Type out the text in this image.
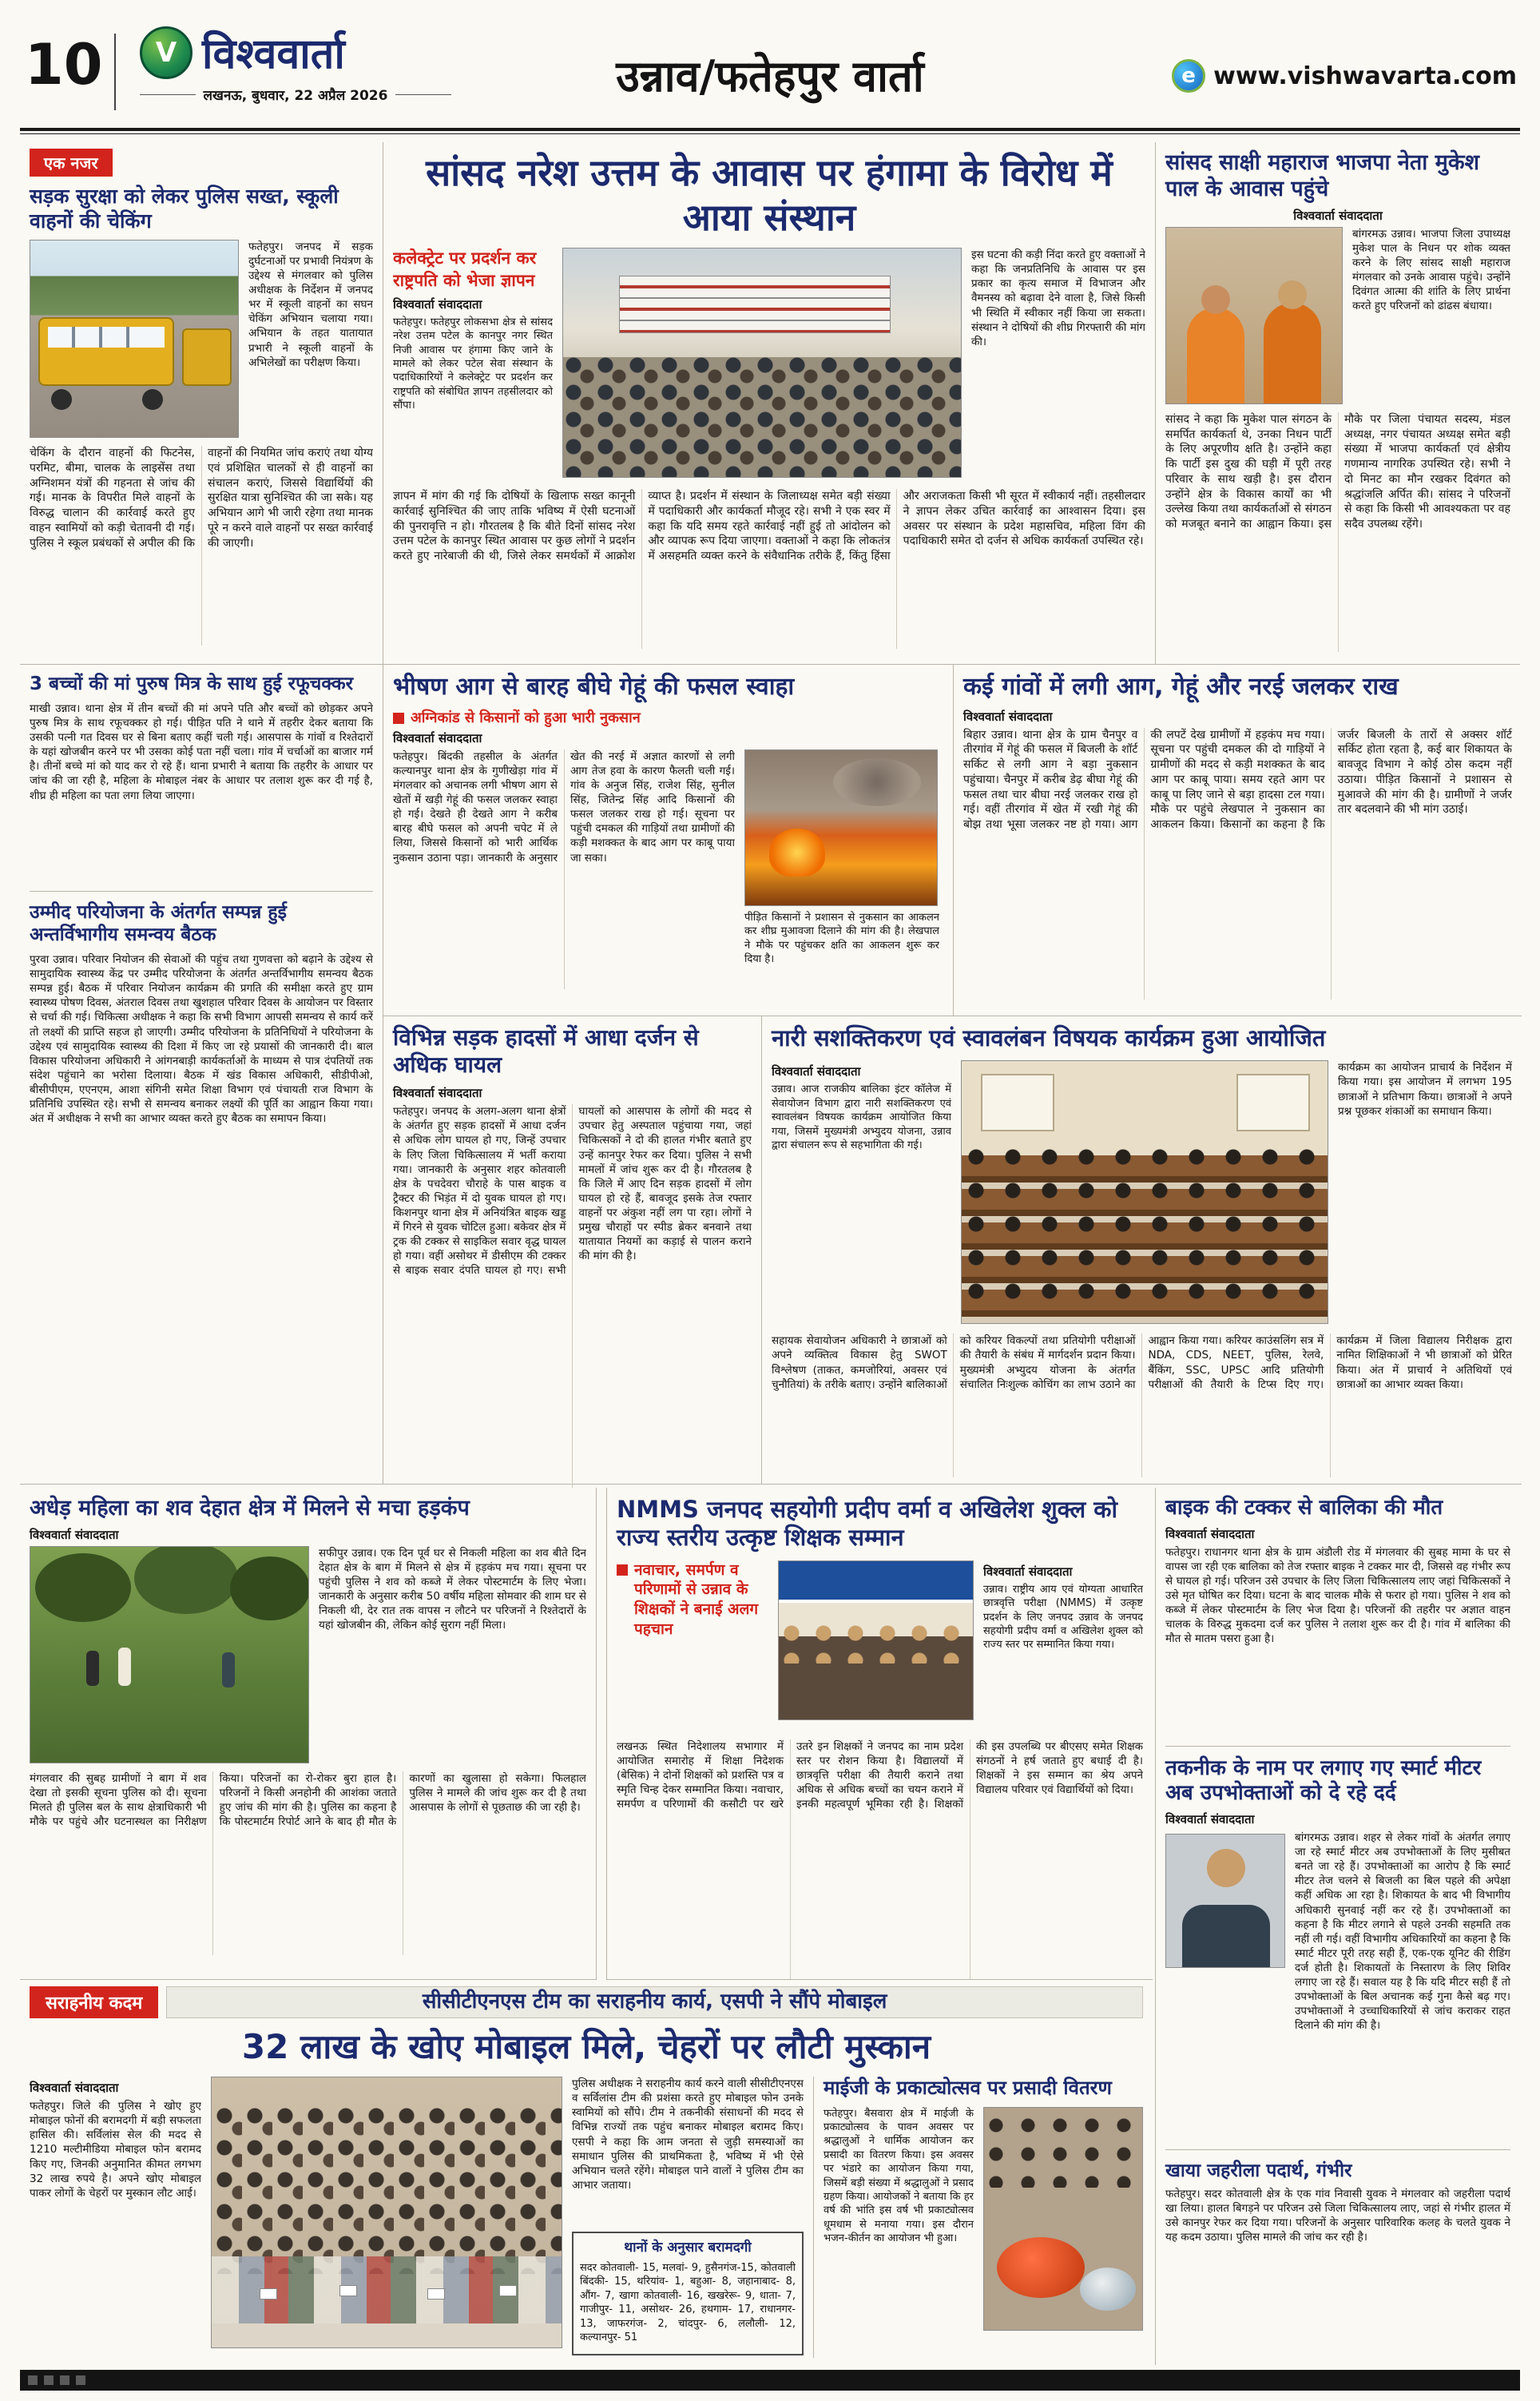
10	V विश्ववार्ता
लखनऊ, बुधवार, 22 अप्रैल 2026	उन्नाव/फतेहपुर वार्ता	e www.vishwavarta.com
एक नजर
सड़क सुरक्षा को लेकर पुलिस सख्त, स्कूली वाहनों की चेकिंग
फतेहपुर। जनपद में सड़क दुर्घटनाओं पर प्रभावी नियंत्रण के उद्देश्य से मंगलवार को पुलिस अधीक्षक के निर्देशन में जनपद भर में स्कूली वाहनों का सघन चेकिंग अभियान चलाया गया। अभियान के तहत यातायात प्रभारी ने स्कूली वाहनों के अभिलेखों का परीक्षण किया।
चेकिंग के दौरान वाहनों की फिटनेस, परमिट, बीमा, चालक के लाइसेंस तथा अग्निशमन यंत्रों की गहनता से जांच की गई। मानक के विपरीत मिले वाहनों के विरुद्ध चालान की कार्रवाई करते हुए वाहन स्वामियों को कड़ी चेतावनी दी गई। पुलिस ने स्कूल प्रबंधकों से अपील की कि वाहनों की नियमित जांच कराएं तथा योग्य एवं प्रशिक्षित चालकों से ही वाहनों का संचालन कराएं, जिससे विद्यार्थियों की सुरक्षित यात्रा सुनिश्चित की जा सके। यह अभियान आगे भी जारी रहेगा तथा मानक पूरे न करने वाले वाहनों पर सख्त कार्रवाई की जाएगी।
सांसद नरेश उत्तम के आवास पर हंगामा के विरोध में आया संस्थान
कलेक्ट्रेट पर प्रदर्शन कर राष्ट्रपति को भेजा ज्ञापन
विश्ववार्ता संवाददाता
फतेहपुर। फतेहपुर लोकसभा क्षेत्र से सांसद नरेश उत्तम पटेल के कानपुर नगर स्थित निजी आवास पर हंगामा किए जाने के मामले को लेकर पटेल सेवा संस्थान के पदाधिकारियों ने कलेक्ट्रेट पर प्रदर्शन कर राष्ट्रपति को संबोधित ज्ञापन तहसीलदार को सौंपा।
इस घटना की कड़ी निंदा करते हुए वक्ताओं ने कहा कि जनप्रतिनिधि के आवास पर इस प्रकार का कृत्य समाज में विभाजन और वैमनस्य को बढ़ावा देने वाला है, जिसे किसी भी स्थिति में स्वीकार नहीं किया जा सकता। संस्थान ने दोषियों की शीघ्र गिरफ्तारी की मांग की।
ज्ञापन में मांग की गई कि दोषियों के खिलाफ सख्त कानूनी कार्रवाई सुनिश्चित की जाए ताकि भविष्य में ऐसी घटनाओं की पुनरावृत्ति न हो। गौरतलब है कि बीते दिनों सांसद नरेश उत्तम पटेल के कानपुर स्थित आवास पर कुछ लोगों ने प्रदर्शन करते हुए नारेबाजी की थी, जिसे लेकर समर्थकों में आक्रोश व्याप्त है। प्रदर्शन में संस्थान के जिलाध्यक्ष समेत बड़ी संख्या में पदाधिकारी और कार्यकर्ता मौजूद रहे। सभी ने एक स्वर में कहा कि यदि समय रहते कार्रवाई नहीं हुई तो आंदोलन को और व्यापक रूप दिया जाएगा। वक्ताओं ने कहा कि लोकतंत्र में असहमति व्यक्त करने के संवैधानिक तरीके हैं, किंतु हिंसा और अराजकता किसी भी सूरत में स्वीकार्य नहीं। तहसीलदार ने ज्ञापन लेकर उचित कार्रवाई का आश्वासन दिया। इस अवसर पर संस्थान के प्रदेश महासचिव, महिला विंग की पदाधिकारी समेत दो दर्जन से अधिक कार्यकर्ता उपस्थित रहे।
सांसद साक्षी महाराज भाजपा नेता मुकेश पाल के आवास पहुंचे
विश्ववार्ता संवाददाता
बांगरमऊ उन्नाव। भाजपा जिला उपाध्यक्ष मुकेश पाल के निधन पर शोक व्यक्त करने के लिए सांसद साक्षी महाराज मंगलवार को उनके आवास पहुंचे। उन्होंने दिवंगत आत्मा की शांति के लिए प्रार्थना करते हुए परिजनों को ढांढस बंधाया।
सांसद ने कहा कि मुकेश पाल संगठन के समर्पित कार्यकर्ता थे, उनका निधन पार्टी के लिए अपूरणीय क्षति है। उन्होंने कहा कि पार्टी इस दुख की घड़ी में पूरी तरह परिवार के साथ खड़ी है। इस दौरान उन्होंने क्षेत्र के विकास कार्यों का भी उल्लेख किया तथा कार्यकर्ताओं से संगठन को मजबूत बनाने का आह्वान किया। इस मौके पर जिला पंचायत सदस्य, मंडल अध्यक्ष, नगर पंचायत अध्यक्ष समेत बड़ी संख्या में भाजपा कार्यकर्ता एवं क्षेत्रीय गणमान्य नागरिक उपस्थित रहे। सभी ने दो मिनट का मौन रखकर दिवंगत को श्रद्धांजलि अर्पित की। सांसद ने परिजनों से कहा कि किसी भी आवश्यकता पर वह सदैव उपलब्ध रहेंगे।
3 बच्चों की मां पुरुष मित्र के साथ हुई रफूचक्कर
माखी उन्नाव। थाना क्षेत्र में तीन बच्चों की मां अपने पति और बच्चों को छोड़कर अपने पुरुष मित्र के साथ रफूचक्कर हो गई। पीड़ित पति ने थाने में तहरीर देकर बताया कि उसकी पत्नी गत दिवस घर से बिना बताए कहीं चली गई। आसपास के गांवों व रिश्तेदारों के यहां खोजबीन करने पर भी उसका कोई पता नहीं चला। गांव में चर्चाओं का बाजार गर्म है। तीनों बच्चे मां को याद कर रो रहे हैं। थाना प्रभारी ने बताया कि तहरीर के आधार पर जांच की जा रही है, महिला के मोबाइल नंबर के आधार पर तलाश शुरू कर दी गई है, शीघ्र ही महिला का पता लगा लिया जाएगा।
उम्मीद परियोजना के अंतर्गत सम्पन्न हुई अन्तर्विभागीय समन्वय बैठक
पुरवा उन्नाव। परिवार नियोजन की सेवाओं की पहुंच तथा गुणवत्ता को बढ़ाने के उद्देश्य से सामुदायिक स्वास्थ्य केंद्र पर उम्मीद परियोजना के अंतर्गत अन्तर्विभागीय समन्वय बैठक सम्पन्न हुई। बैठक में परिवार नियोजन कार्यक्रम की प्रगति की समीक्षा करते हुए ग्राम स्वास्थ्य पोषण दिवस, अंतराल दिवस तथा खुशहाल परिवार दिवस के आयोजन पर विस्तार से चर्चा की गई। चिकित्सा अधीक्षक ने कहा कि सभी विभाग आपसी समन्वय से कार्य करें तो लक्ष्यों की प्राप्ति सहज हो जाएगी। उम्मीद परियोजना के प्रतिनिधियों ने परियोजना के उद्देश्य एवं सामुदायिक स्वास्थ्य की दिशा में किए जा रहे प्रयासों की जानकारी दी। बाल विकास परियोजना अधिकारी ने आंगनबाड़ी कार्यकर्ताओं के माध्यम से पात्र दंपतियों तक संदेश पहुंचाने का भरोसा दिलाया। बैठक में खंड विकास अधिकारी, सीडीपीओ, बीसीपीएम, एएनएम, आशा संगिनी समेत शिक्षा विभाग एवं पंचायती राज विभाग के प्रतिनिधि उपस्थित रहे। सभी से समन्वय बनाकर लक्ष्यों की पूर्ति का आह्वान किया गया। अंत में अधीक्षक ने सभी का आभार व्यक्त करते हुए बैठक का समापन किया।
भीषण आग से बारह बीघे गेहूं की फसल स्वाहा
अग्निकांड से किसानों को हुआ भारी नुकसान
विश्ववार्ता संवाददाता
फतेहपुर। बिंदकी तहसील के अंतर्गत कल्यानपुर थाना क्षेत्र के गुणीखेड़ा गांव में मंगलवार को अचानक लगी भीषण आग से खेतों में खड़ी गेहूं की फसल जलकर स्वाहा हो गई। देखते ही देखते आग ने करीब बारह बीघे फसल को अपनी चपेट में ले लिया, जिससे किसानों को भारी आर्थिक नुकसान उठाना पड़ा। जानकारी के अनुसार खेत की नरई में अज्ञात कारणों से लगी आग तेज हवा के कारण फैलती चली गई। गांव के अनुज सिंह, राजेश सिंह, सुनील सिंह, जितेन्द्र सिंह आदि किसानों की फसल जलकर राख हो गई। सूचना पर पहुंची दमकल की गाड़ियों तथा ग्रामीणों की कड़ी मशक्कत के बाद आग पर काबू पाया जा सका।
पीड़ित किसानों ने प्रशासन से नुकसान का आकलन कर शीघ्र मुआवजा दिलाने की मांग की है। लेखपाल ने मौके पर पहुंचकर क्षति का आकलन शुरू कर दिया है।
कई गांवों में लगी आग, गेहूं और नरई जलकर राख
विश्ववार्ता संवाददाता
बिहार उन्नाव। थाना क्षेत्र के ग्राम चैनपुर व तीरगांव में गेहूं की फसल में बिजली के शॉर्ट सर्किट से लगी आग ने बड़ा नुकसान पहुंचाया। चैनपुर में करीब डेढ़ बीघा गेहूं की फसल तथा चार बीघा नरई जलकर राख हो गई। वहीं तीरगांव में खेत में रखी गेहूं की बोझ तथा भूसा जलकर नष्ट हो गया। आग की लपटें देख ग्रामीणों में हड़कंप मच गया। सूचना पर पहुंची दमकल की दो गाड़ियों ने ग्रामीणों की मदद से कड़ी मशक्कत के बाद आग पर काबू पाया। समय रहते आग पर काबू पा लिए जाने से बड़ा हादसा टल गया। मौके पर पहुंचे लेखपाल ने नुकसान का आकलन किया। किसानों का कहना है कि जर्जर बिजली के तारों से अक्सर शॉर्ट सर्किट होता रहता है, कई बार शिकायत के बावजूद विभाग ने कोई ठोस कदम नहीं उठाया। पीड़ित किसानों ने प्रशासन से मुआवजे की मांग की है। ग्रामीणों ने जर्जर तार बदलवाने की भी मांग उठाई।
विभिन्न सड़क हादसों में आधा दर्जन से अधिक घायल
विश्ववार्ता संवाददाता
फतेहपुर। जनपद के अलग-अलग थाना क्षेत्रों के अंतर्गत हुए सड़क हादसों में आधा दर्जन से अधिक लोग घायल हो गए, जिन्हें उपचार के लिए जिला चिकित्सालय में भर्ती कराया गया। जानकारी के अनुसार शहर कोतवाली क्षेत्र के पचदेवरा चौराहे के पास बाइक व ट्रैक्टर की भिड़ंत में दो युवक घायल हो गए। किशनपुर थाना क्षेत्र में अनियंत्रित बाइक खड्ड में गिरने से युवक चोटिल हुआ। बकेवर क्षेत्र में ट्रक की टक्कर से साइकिल सवार वृद्ध घायल हो गया। वहीं असोथर में डीसीएम की टक्कर से बाइक सवार दंपति घायल हो गए। सभी घायलों को आसपास के लोगों की मदद से उपचार हेतु अस्पताल पहुंचाया गया, जहां चिकित्सकों ने दो की हालत गंभीर बताते हुए उन्हें कानपुर रेफर कर दिया। पुलिस ने सभी मामलों में जांच शुरू कर दी है। गौरतलब है कि जिले में आए दिन सड़क हादसों में लोग घायल हो रहे हैं, बावजूद इसके तेज रफ्तार वाहनों पर अंकुश नहीं लग पा रहा। लोगों ने प्रमुख चौराहों पर स्पीड ब्रेकर बनवाने तथा यातायात नियमों का कड़ाई से पालन कराने की मांग की है।
नारी सशक्तिकरण एवं स्वावलंबन विषयक कार्यक्रम हुआ आयोजित
विश्ववार्ता संवाददाता
उन्नाव। आज राजकीय बालिका इंटर कॉलेज में सेवायोजन विभाग द्वारा नारी सशक्तिकरण एवं स्वावलंबन विषयक कार्यक्रम आयोजित किया गया, जिसमें मुख्यमंत्री अभ्युदय योजना, उन्नाव द्वारा संचालन रूप से सहभागिता की गई।
कार्यक्रम का आयोजन प्राचार्य के निर्देशन में किया गया। इस आयोजन में लगभग 195 छात्राओं ने प्रतिभाग किया। छात्राओं ने अपने प्रश्न पूछकर शंकाओं का समाधान किया।
सहायक सेवायोजन अधिकारी ने छात्राओं को अपने व्यक्तित्व विकास हेतु SWOT विश्लेषण (ताकत, कमजोरियां, अवसर एवं चुनौतियां) के तरीके बताए। उन्होंने बालिकाओं को करियर विकल्पों तथा प्रतियोगी परीक्षाओं की तैयारी के संबंध में मार्गदर्शन प्रदान किया। मुख्यमंत्री अभ्युदय योजना के अंतर्गत संचालित निःशुल्क कोचिंग का लाभ उठाने का आह्वान किया गया। करियर काउंसलिंग सत्र में NDA, CDS, NEET, पुलिस, रेलवे, बैंकिंग, SSC, UPSC आदि प्रतियोगी परीक्षाओं की तैयारी के टिप्स दिए गए। कार्यक्रम में जिला विद्यालय निरीक्षक द्वारा नामित शिक्षिकाओं ने भी छात्राओं को प्रेरित किया। अंत में प्राचार्य ने अतिथियों एवं छात्राओं का आभार व्यक्त किया।
अधेड़ महिला का शव देहात क्षेत्र में मिलने से मचा हड़कंप
विश्ववार्ता संवाददाता
सफीपुर उन्नाव। एक दिन पूर्व घर से निकली महिला का शव बीते दिन देहात क्षेत्र के बाग में मिलने से क्षेत्र में हड़कंप मच गया। सूचना पर पहुंची पुलिस ने शव को कब्जे में लेकर पोस्टमार्टम के लिए भेजा। जानकारी के अनुसार करीब 50 वर्षीय महिला सोमवार की शाम घर से निकली थी, देर रात तक वापस न लौटने पर परिजनों ने रिश्तेदारों के यहां खोजबीन की, लेकिन कोई सुराग नहीं मिला।
मंगलवार की सुबह ग्रामीणों ने बाग में शव देखा तो इसकी सूचना पुलिस को दी। सूचना मिलते ही पुलिस बल के साथ क्षेत्राधिकारी भी मौके पर पहुंचे और घटनास्थल का निरीक्षण किया। परिजनों का रो-रोकर बुरा हाल है। परिजनों ने किसी अनहोनी की आशंका जताते हुए जांच की मांग की है। पुलिस का कहना है कि पोस्टमार्टम रिपोर्ट आने के बाद ही मौत के कारणों का खुलासा हो सकेगा। फिलहाल पुलिस ने मामले की जांच शुरू कर दी है तथा आसपास के लोगों से पूछताछ की जा रही है।
NMMS जनपद सहयोगी प्रदीप वर्मा व अखिलेश शुक्ल को राज्य स्तरीय उत्कृष्ट शिक्षक सम्मान
नवाचार, समर्पण व परिणामों से उन्नाव के शिक्षकों ने बनाई अलग पहचान
विश्ववार्ता संवाददाता
उन्नाव। राष्ट्रीय आय एवं योग्यता आधारित छात्रवृत्ति परीक्षा (NMMS) में उत्कृष्ट प्रदर्शन के लिए जनपद उन्नाव के जनपद सहयोगी प्रदीप वर्मा व अखिलेश शुक्ल को राज्य स्तर पर सम्मानित किया गया।
लखनऊ स्थित निदेशालय सभागार में आयोजित समारोह में शिक्षा निदेशक (बेसिक) ने दोनों शिक्षकों को प्रशस्ति पत्र व स्मृति चिन्ह देकर सम्मानित किया। नवाचार, समर्पण व परिणामों की कसौटी पर खरे उतरे इन शिक्षकों ने जनपद का नाम प्रदेश स्तर पर रोशन किया है। विद्यालयों में छात्रवृत्ति परीक्षा की तैयारी कराने तथा अधिक से अधिक बच्चों का चयन कराने में इनकी महत्वपूर्ण भूमिका रही है। शिक्षकों की इस उपलब्धि पर बीएसए समेत शिक्षक संगठनों ने हर्ष जताते हुए बधाई दी है। शिक्षकों ने इस सम्मान का श्रेय अपने विद्यालय परिवार एवं विद्यार्थियों को दिया।
बाइक की टक्कर से बालिका की मौत
विश्ववार्ता संवाददाता
फतेहपुर। राधानगर थाना क्षेत्र के ग्राम अंडौली रोड में मंगलवार की सुबह मामा के घर से वापस जा रही एक बालिका को तेज रफ्तार बाइक ने टक्कर मार दी, जिससे वह गंभीर रूप से घायल हो गई। परिजन उसे उपचार के लिए जिला चिकित्सालय लाए जहां चिकित्सकों ने उसे मृत घोषित कर दिया। घटना के बाद चालक मौके से फरार हो गया। पुलिस ने शव को कब्जे में लेकर पोस्टमार्टम के लिए भेज दिया है। परिजनों की तहरीर पर अज्ञात वाहन चालक के विरुद्ध मुकदमा दर्ज कर पुलिस ने तलाश शुरू कर दी है। गांव में बालिका की मौत से मातम पसरा हुआ है।
तकनीक के नाम पर लगाए गए स्मार्ट मीटर अब उपभोक्ताओं को दे रहे दर्द
विश्ववार्ता संवाददाता
बांगरमऊ उन्नाव। शहर से लेकर गांवों के अंतर्गत लगाए जा रहे स्मार्ट मीटर अब उपभोक्ताओं के लिए मुसीबत बनते जा रहे हैं। उपभोक्ताओं का आरोप है कि स्मार्ट मीटर तेज चलने से बिजली का बिल पहले की अपेक्षा कहीं अधिक आ रहा है। शिकायत के बाद भी विभागीय अधिकारी सुनवाई नहीं कर रहे हैं। उपभोक्ताओं का कहना है कि मीटर लगाने से पहले उनकी सहमति तक नहीं ली गई। वहीं विभागीय अधिकारियों का कहना है कि स्मार्ट मीटर पूरी तरह सही हैं, एक-एक यूनिट की रीडिंग दर्ज होती है। शिकायतों के निस्तारण के लिए शिविर लगाए जा रहे हैं। सवाल यह है कि यदि मीटर सही हैं तो उपभोक्ताओं के बिल अचानक कई गुना कैसे बढ़ गए। उपभोक्ताओं ने उच्चाधिकारियों से जांच कराकर राहत दिलाने की मांग की है।
खाया जहरीला पदार्थ, गंभीर
फतेहपुर। सदर कोतवाली क्षेत्र के एक गांव निवासी युवक ने मंगलवार को जहरीला पदार्थ खा लिया। हालत बिगड़ने पर परिजन उसे जिला चिकित्सालय लाए, जहां से गंभीर हालत में उसे कानपुर रेफर कर दिया गया। परिजनों के अनुसार पारिवारिक कलह के चलते युवक ने यह कदम उठाया। पुलिस मामले की जांच कर रही है।
सराहनीय कदम	सीसीटीएनएस टीम का सराहनीय कार्य, एसपी ने सौंपे मोबाइल
32 लाख के खोए मोबाइल मिले, चेहरों पर लौटी मुस्कान
विश्ववार्ता संवाददाता
फतेहपुर। जिले की पुलिस ने खोए हुए मोबाइल फोनों की बरामदगी में बड़ी सफलता हासिल की। सर्विलांस सेल की मदद से 1210 मल्टीमीडिया मोबाइल फोन बरामद किए गए, जिनकी अनुमानित कीमत लगभग 32 लाख रुपये है। अपने खोए मोबाइल पाकर लोगों के चेहरों पर मुस्कान लौट आई।
पुलिस अधीक्षक ने सराहनीय कार्य करने वाली सीसीटीएनएस व सर्विलांस टीम की प्रशंसा करते हुए मोबाइल फोन उनके स्वामियों को सौंपे। टीम ने तकनीकी संसाधनों की मदद से विभिन्न राज्यों तक पहुंच बनाकर मोबाइल बरामद किए। एसपी ने कहा कि आम जनता से जुड़ी समस्याओं का समाधान पुलिस की प्राथमिकता है, भविष्य में भी ऐसे अभियान चलते रहेंगे। मोबाइल पाने वालों ने पुलिस टीम का आभार जताया।
थानों के अनुसार बरामदगी
सदर कोतवाली- 15, मलवां- 9, हुसैनगंज-15, कोतवाली बिंदकी- 15, थरियांव- 1, बहुआ- 8, जहानाबाद- 8, औंग- 7, खागा कोतवाली- 16, खखरेरू- 9, धाता- 7, गाजीपुर- 11, असोथर- 26, हथगाम- 17, राधानगर- 13, जाफरगंज- 2, चांदपुर- 6, ललौली- 12, कल्यानपुर- 51
माईजी के प्रकाट्योत्सव पर प्रसादी वितरण
फतेहपुर। बैसवारा क्षेत्र में माईजी के प्रकाट्योत्सव के पावन अवसर पर श्रद्धालुओं ने धार्मिक आयोजन कर प्रसादी का वितरण किया। इस अवसर पर भंडारे का आयोजन किया गया, जिसमें बड़ी संख्या में श्रद्धालुओं ने प्रसाद ग्रहण किया। आयोजकों ने बताया कि हर वर्ष की भांति इस वर्ष भी प्रकाट्योत्सव धूमधाम से मनाया गया। इस दौरान भजन-कीर्तन का आयोजन भी हुआ।
